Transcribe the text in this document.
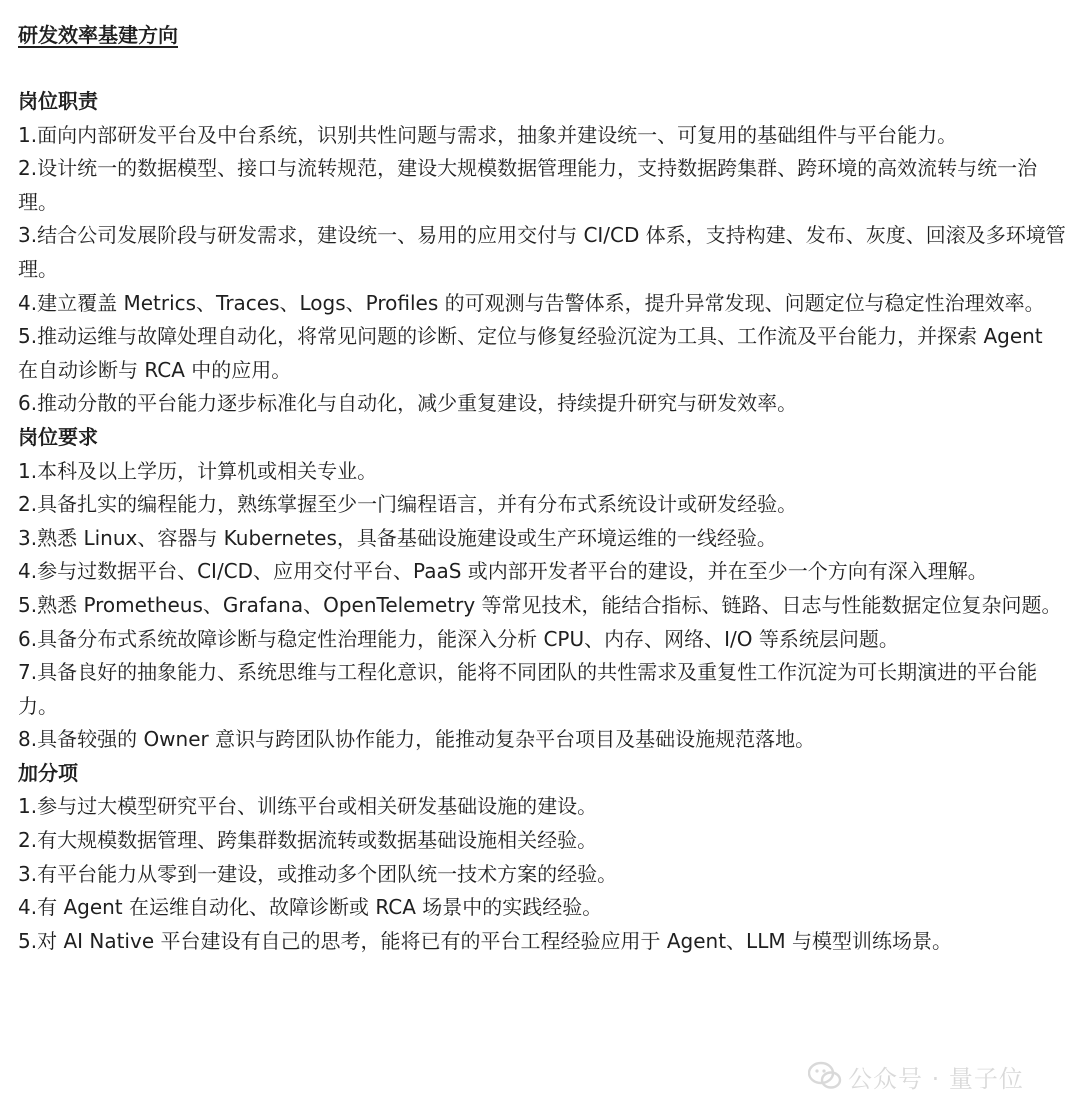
研发效率基建方向
岗位职责
1.面向内部研发平台及中台系统，识别共性问题与需求，抽象并建设统一、可复用的基础组件与平台能力。
2.设计统一的数据模型、接口与流转规范，建设大规模数据管理能力，支持数据跨集群、跨环境的高效流转与统一治理。
3.结合公司发展阶段与研发需求，建设统一、易用的应用交付与 CI/CD 体系，支持构建、发布、灰度、回滚及多环境管理。
4.建立覆盖 Metrics、Traces、Logs、Profiles 的可观测与告警体系，提升异常发现、问题定位与稳定性治理效率。
5.推动运维与故障处理自动化，将常见问题的诊断、定位与修复经验沉淀为工具、工作流及平台能力，并探索 Agent 在自动诊断与 RCA 中的应用。
6.推动分散的平台能力逐步标准化与自动化，减少重复建设，持续提升研究与研发效率。
岗位要求
1.本科及以上学历，计算机或相关专业。
2.具备扎实的编程能力，熟练掌握至少一门编程语言，并有分布式系统设计或研发经验。
3.熟悉 Linux、容器与 Kubernetes，具备基础设施建设或生产环境运维的一线经验。
4.参与过数据平台、CI/CD、应用交付平台、PaaS 或内部开发者平台的建设，并在至少一个方向有深入理解。
5.熟悉 Prometheus、Grafana、OpenTelemetry 等常见技术，能结合指标、链路、日志与性能数据定位复杂问题。
6.具备分布式系统故障诊断与稳定性治理能力，能深入分析 CPU、内存、网络、I/O 等系统层问题。
7.具备良好的抽象能力、系统思维与工程化意识，能将不同团队的共性需求及重复性工作沉淀为可长期演进的平台能力。
8.具备较强的 Owner 意识与跨团队协作能力，能推动复杂平台项目及基础设施规范落地。
加分项
1.参与过大模型研究平台、训练平台或相关研发基础设施的建设。
2.有大规模数据管理、跨集群数据流转或数据基础设施相关经验。
3.有平台能力从零到一建设，或推动多个团队统一技术方案的经验。
4.有 Agent 在运维自动化、故障诊断或 RCA 场景中的实践经验。
5.对 AI Native 平台建设有自己的思考，能将已有的平台工程经验应用于 Agent、LLM 与模型训练场景。
公众号 · 量子位
